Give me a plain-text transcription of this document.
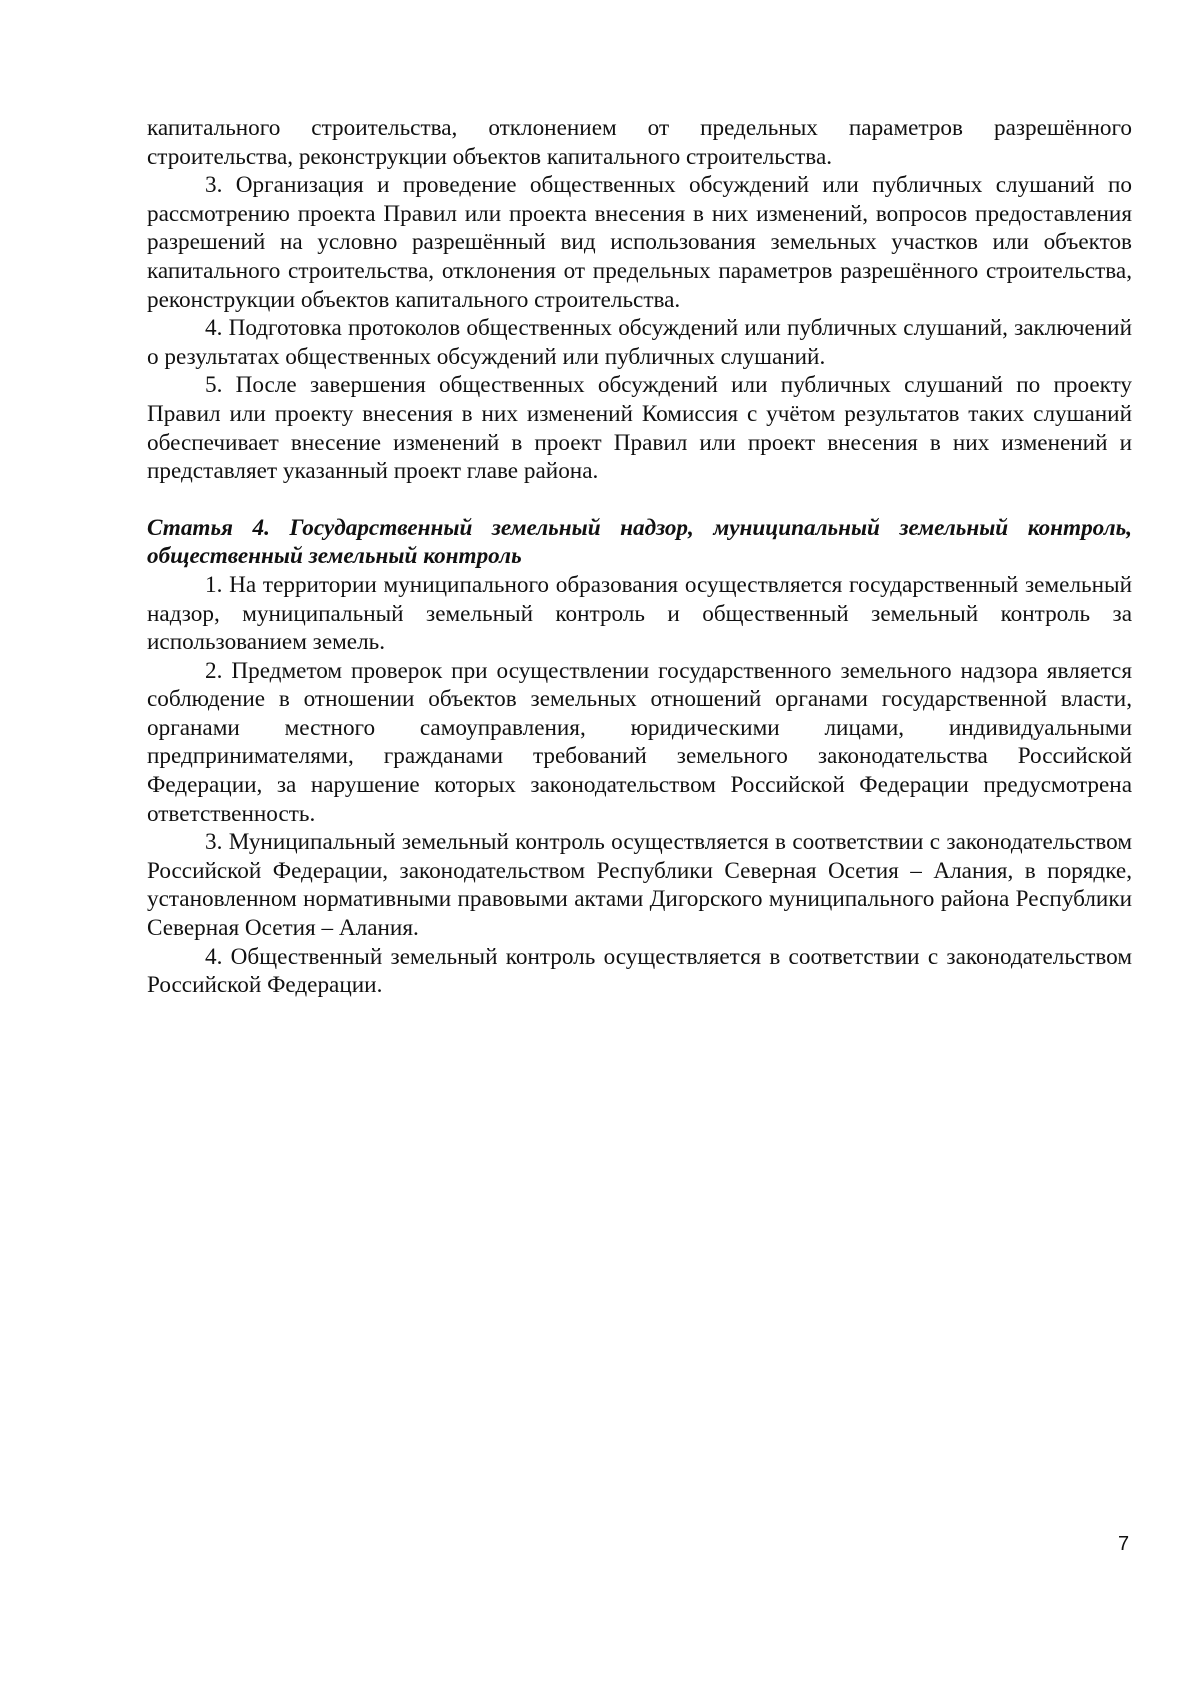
капитального строительства, отклонением от предельных параметров разрешённого строительства, реконструкции объектов капитального строительства.

3. Организация и проведение общественных обсуждений или публичных слушаний по рассмотрению проекта Правил или проекта внесения в них изменений, вопросов предоставления разрешений на условно разрешённый вид использования земельных участков или объектов капитального строительства, отклонения от предельных параметров разрешённого строительства, реконструкции объектов капитального строительства.

4. Подготовка протоколов общественных обсуждений или публичных слушаний, заключений о результатах общественных обсуждений или публичных слушаний.

5. После завершения общественных обсуждений или публичных слушаний по проекту Правил или проекту внесения в них изменений Комиссия с учётом результатов таких слушаний обеспечивает внесение изменений в проект Правил или проект внесения в них изменений и представляет указанный проект главе района.

Статья 4. Государственный земельный надзор, муниципальный земельный контроль, общественный земельный контроль

1. На территории муниципального образования осуществляется государственный земельный надзор, муниципальный земельный контроль и общественный земельный контроль за использованием земель.

2. Предметом проверок при осуществлении государственного земельного надзора является соблюдение в отношении объектов земельных отношений органами государственной власти, органами местного самоуправления, юридическими лицами, индивидуальными предпринимателями, гражданами требований земельного законодательства Российской Федерации, за нарушение которых законодательством Российской Федерации предусмотрена ответственность.

3. Муниципальный земельный контроль осуществляется в соответствии с законодательством Российской Федерации, законодательством Республики Северная Осетия – Алания, в порядке, установленном нормативными правовыми актами Дигорского муниципального района Республики Северная Осетия – Алания.

4. Общественный земельный контроль осуществляется в соответствии с законодательством Российской Федерации.

7
